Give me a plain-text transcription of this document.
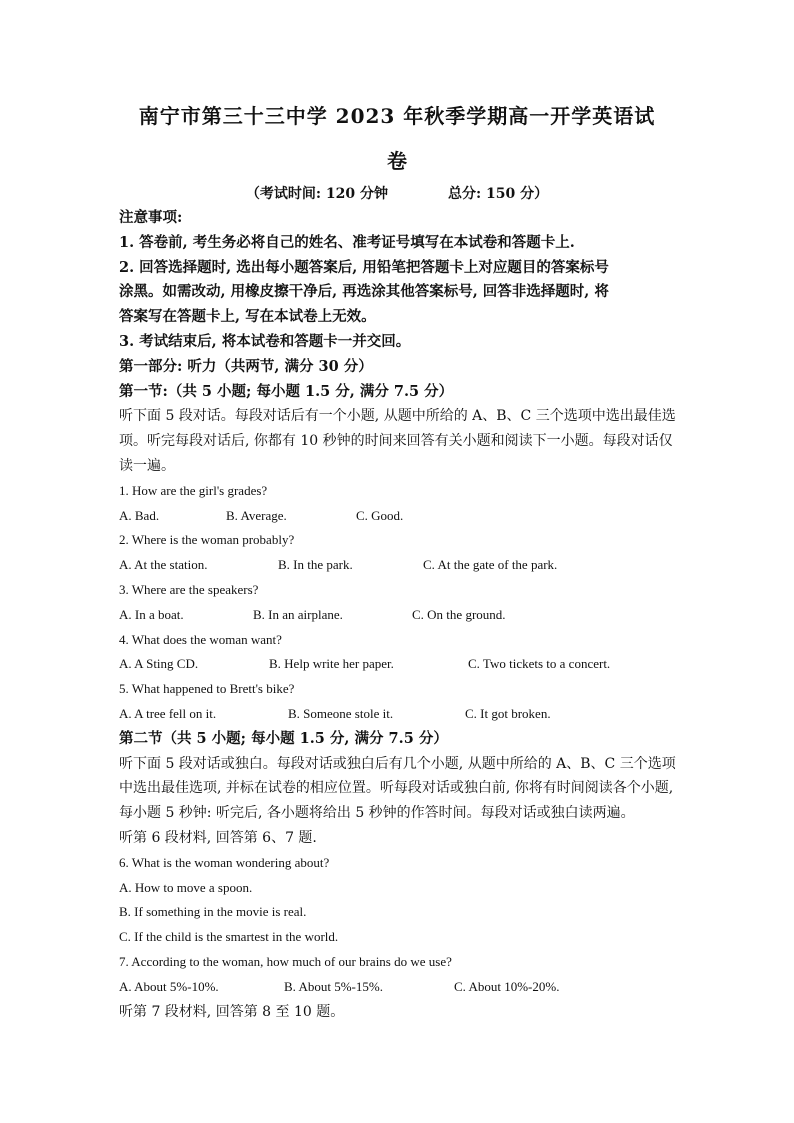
南宁市第三十三中学 2023 年秋季学期高一开学英语试
卷
（考试时间: 120 分钟	总分: 150 分）
注意事项:
1. 答卷前, 考生务必将自己的姓名、准考证号填写在本试卷和答题卡上.
2. 回答选择题时, 选出每小题答案后, 用铅笔把答题卡上对应题目的答案标号
涂黑。如需改动, 用橡皮擦干净后, 再选涂其他答案标号, 回答非选择题时, 将
答案写在答题卡上, 写在本试卷上无效。
3. 考试结束后, 将本试卷和答题卡一并交回。
第一部分: 听力（共两节, 满分 30 分）
第一节:（共 5 小题; 每小题 1.5 分, 满分 7.5 分）
听下面 5 段对话。每段对话后有一个小题, 从题中所给的 A、B、C 三个选项中选出最佳选
项。听完每段对话后, 你都有 10 秒钟的时间来回答有关小题和阅读下一小题。每段对话仅
读一遍。
1. How are the girl's grades?
A. Bad.	B. Average.	C. Good.
2. Where is the woman probably?
A. At the station.	B. In the park.	C. At the gate of the park.
3. Where are the speakers?
A. In a boat.	B. In an airplane.	C. On the ground.
4. What does the woman want?
A. A Sting CD.	B. Help write her paper.	C. Two tickets to a concert.
5. What happened to Brett's bike?
A. A tree fell on it.	B. Someone stole it.	C. It got broken.
第二节（共 5 小题; 每小题 1.5 分, 满分 7.5 分）
听下面 5 段对话或独白。每段对话或独白后有几个小题, 从题中所给的 A、B、C 三个选项
中选出最佳选项, 并标在试卷的相应位置。听每段对话或独白前, 你将有时间阅读各个小题,
每小题 5 秒钟: 听完后, 各小题将给出 5 秒钟的作答时间。每段对话或独白读两遍。
听第 6 段材料, 回答第 6、7 题.
6. What is the woman wondering about?
A. How to move a spoon.
B. If something in the movie is real.
C. If the child is the smartest in the world.
7. According to the woman, how much of our brains do we use?
A. About 5%-10%.	B. About 5%-15%.	C. About 10%-20%.
听第 7 段材料, 回答第 8 至 10 题。
